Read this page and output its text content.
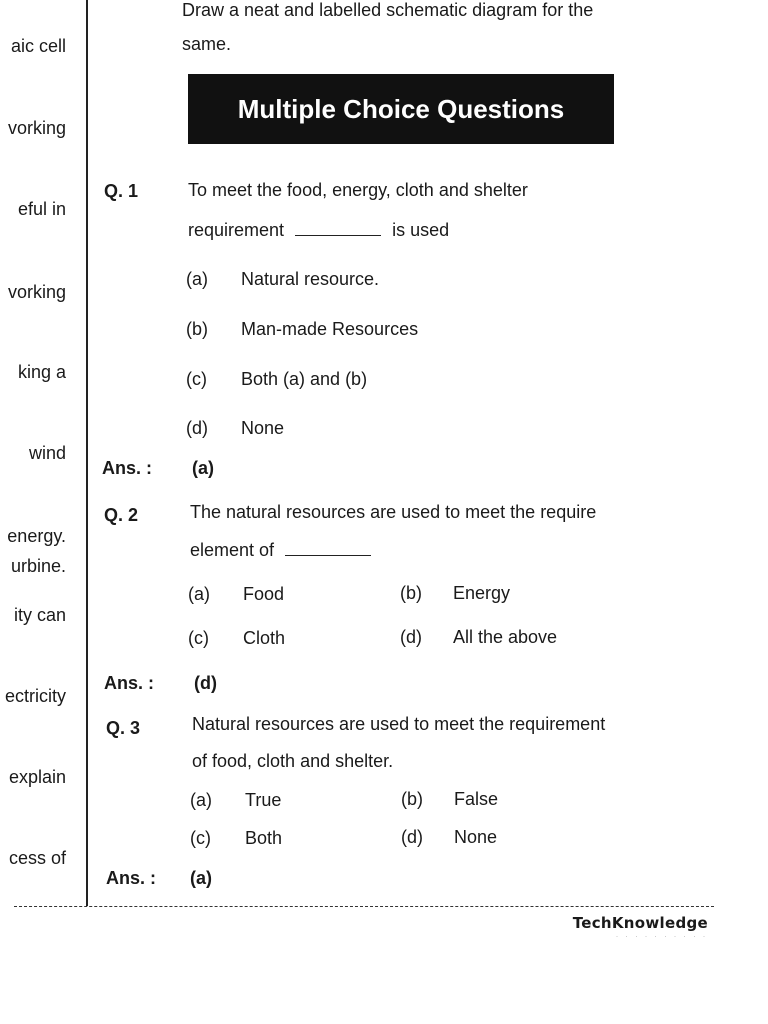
aic cell
vorking
eful in
vorking
king a
wind
energy.
urbine.
ity can
ectricity
explain
cess of
Draw a neat and labelled schematic diagram for the
same.
Multiple Choice Questions
Q. 1	To meet the food, energy, cloth and shelter
requirement	is used
(a) Natural resource.
(b) Man-made Resources
(c) Both (a) and (b)
(d) None
Ans. : (a)
Q. 2	The natural resources are used to meet the require
element of
(a) Food	(b) Energy
(c) Cloth	(d) All the above
Ans. : (d)
Q. 3	Natural resources are used to meet the requirement
of food, cloth and shelter.
(a) True	(b) False
(c) Both	(d) None
Ans. : (a)
TechKnowledge
· · · · · · · · · ·
